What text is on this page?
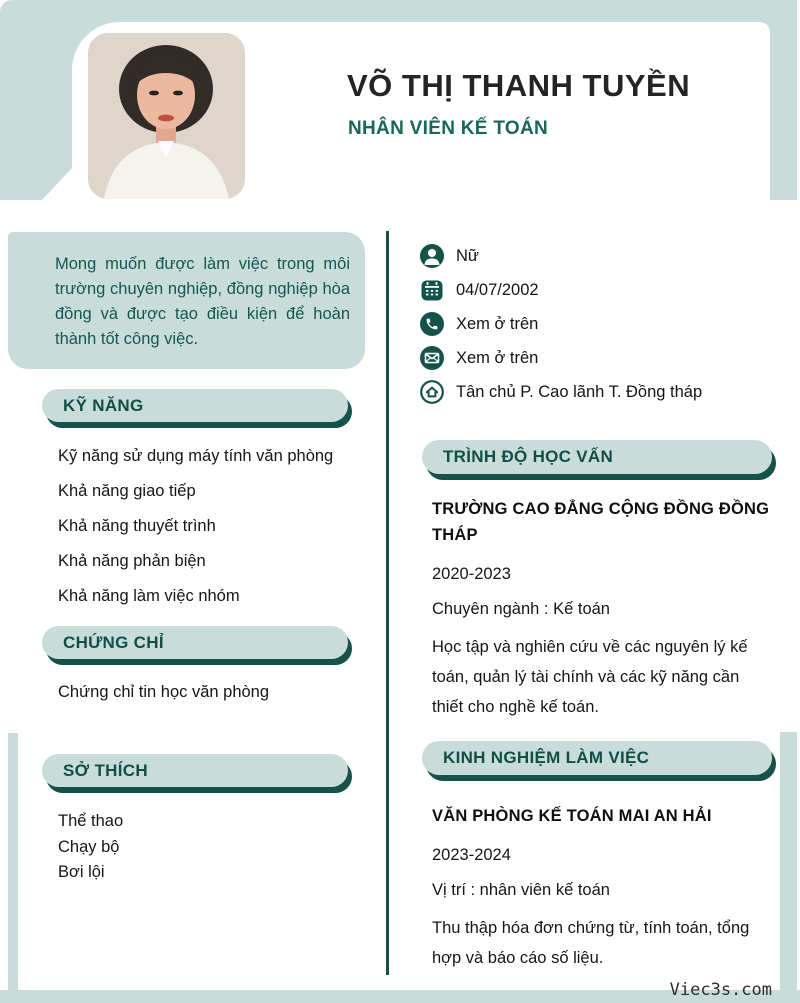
VÕ THỊ THANH TUYỀN
NHÂN VIÊN KẾ TOÁN

Mong muốn được làm việc trong môi trường chuyên nghiệp, đồng nghiệp hòa đồng và được tạo điều kiện để hoàn thành tốt công việc.

KỸ NĂNG
Kỹ năng sử dụng máy tính văn phòng
Khả năng giao tiếp
Khả năng thuyết trình
Khả năng phản biện
Khả năng làm việc nhóm
CHỨNG CHỈ
Chứng chỉ tin học văn phòng
SỞ THÍCH
Thể thao
Chạy bộ
Bơi lội
Nữ
04/07/2002
Xem ở trên
Xem ở trên
Tân chủ P. Cao lãnh T. Đồng tháp
TRÌNH ĐỘ HỌC VẤN

TRƯỜNG CAO ĐẲNG CỘNG ĐỒNG ĐỒNG THÁP

2020-2023

Chuyên ngành : Kế toán

Học tập và nghiên cứu về các nguyên lý kế toán, quản lý tài chính và các kỹ năng cần thiết cho nghề kế toán.

KINH NGHIỆM LÀM VIỆC

VĂN PHÒNG KẾ TOÁN MAI AN HẢI

2023-2024

Vị trí : nhân viên kế toán

Thu thập hóa đơn chứng từ, tính toán, tổng hợp và báo cáo số liệu.

Viec3s.com
